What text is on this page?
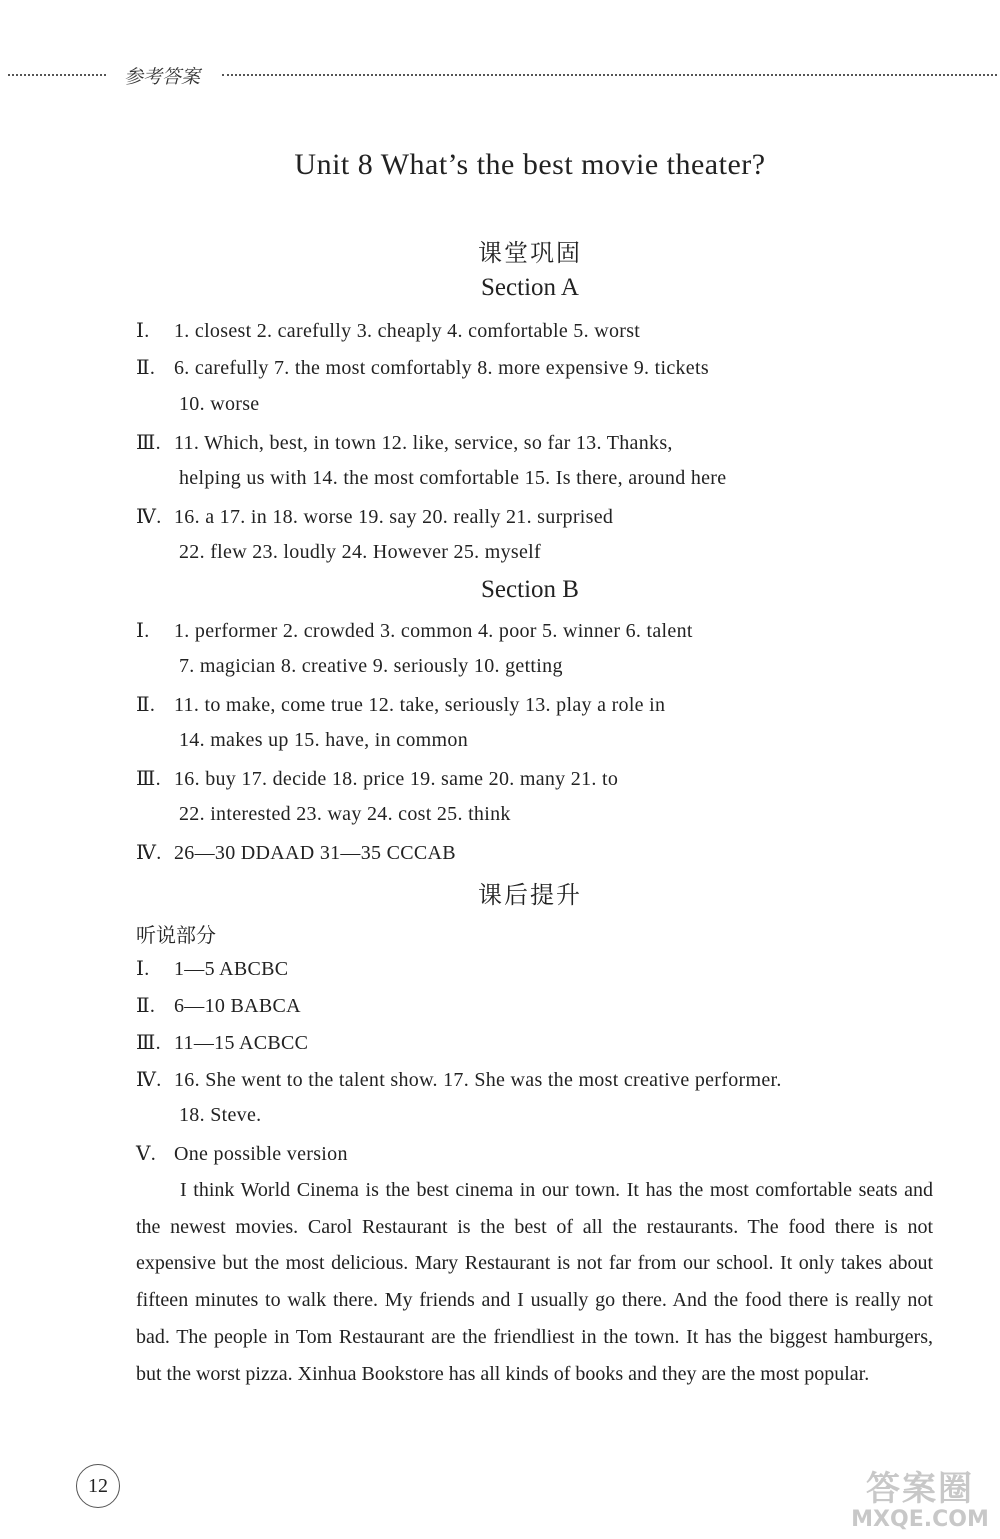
参考答案
Unit 8 What’s the best movie theater?
课堂巩固
Section A
Ⅰ. 1. closest 2. carefully 3. cheaply 4. comfortable 5. worst
Ⅱ. 6. carefully 7. the most comfortably 8. more expensive 9. tickets
10. worse
Ⅲ. 11. Which, best, in town 12. like, service, so far 13. Thanks,
helping us with 14. the most comfortable 15. Is there, around here
Ⅳ. 16. a 17. in 18. worse 19. say 20. really 21. surprised
22. flew 23. loudly 24. However 25. myself
Section B
Ⅰ. 1. performer 2. crowded 3. common 4. poor 5. winner 6. talent
7. magician 8. creative 9. seriously 10. getting
Ⅱ. 11. to make, come true 12. take, seriously 13. play a role in
14. makes up 15. have, in common
Ⅲ. 16. buy 17. decide 18. price 19. same 20. many 21. to
22. interested 23. way 24. cost 25. think
Ⅳ. 26—30 DDAAD 31—35 CCCAB
课后提升
听说部分
Ⅰ. 1—5 ABCBC
Ⅱ. 6—10 BABCA
Ⅲ. 11—15 ACBCC
Ⅳ. 16. She went to the talent show. 17. She was the most creative performer.
18. Steve.
Ⅴ. One possible version
I think World Cinema is the best cinema in our town. It has the most comfortable seats and the newest movies. Carol Restaurant is the best of all the restaurants. The food there is not expensive but the most delicious. Mary Restaurant is not far from our school. It only takes about fifteen minutes to walk there. My friends and I usually go there. And the food there is really not bad. The people in Tom Restaurant are the friendliest in the town. It has the biggest hamburgers, but the worst pizza. Xinhua Bookstore has all kinds of books and they are the most popular.
12	答案圈
MXQE.COM
